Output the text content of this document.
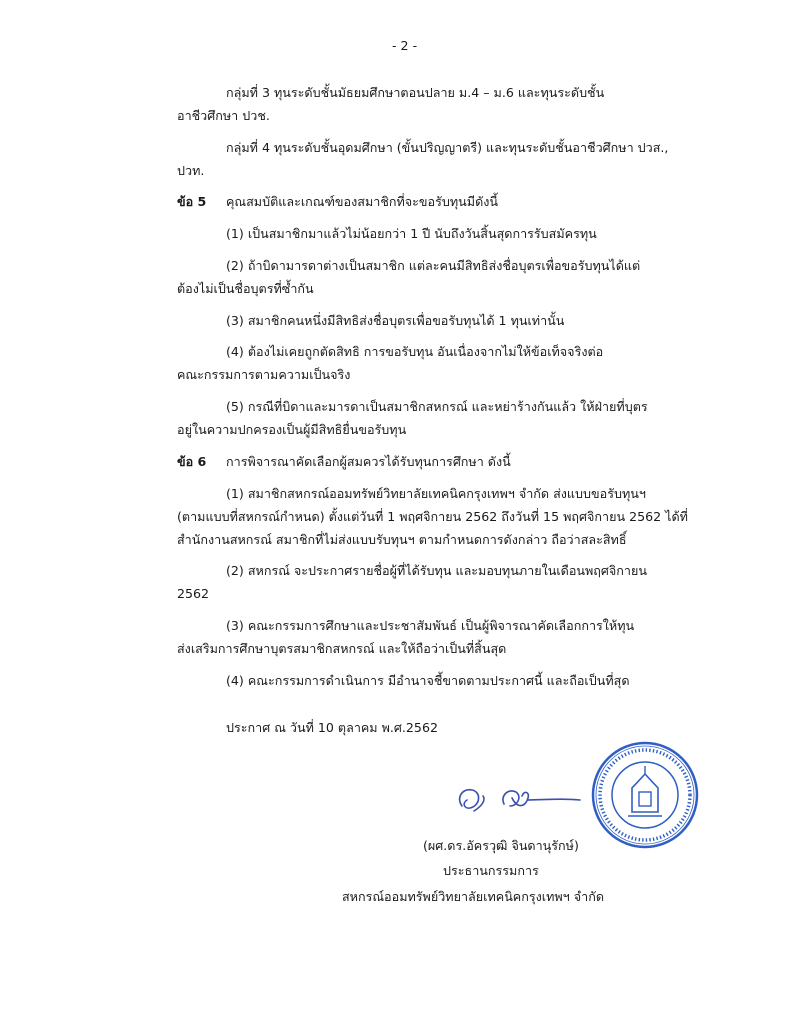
- 2 -
กลุ่มที่ 3 ทุนระดับชั้นมัธยมศึกษาตอนปลาย ม.4 – ม.6 และทุนระดับชั้น
อาชีวศึกษา ปวช.
กลุ่มที่ 4 ทุนระดับชั้นอุดมศึกษา (ขั้นปริญญาตรี) และทุนระดับชั้นอาชีวศึกษา ปวส.,
ปวท.
ข้อ 5 คุณสมบัติและเกณฑ์ของสมาชิกที่จะขอรับทุนมีดังนี้
(1) เป็นสมาชิกมาแล้วไม่น้อยกว่า 1 ปี นับถึงวันสิ้นสุดการรับสมัครทุน
(2) ถ้าบิดามารดาต่างเป็นสมาชิก แต่ละคนมีสิทธิส่งชื่อบุตรเพื่อขอรับทุนได้แต่
ต้องไม่เป็นชื่อบุตรที่ซ้ำกัน
(3) สมาชิกคนหนึ่งมีสิทธิส่งชื่อบุตรเพื่อขอรับทุนได้ 1 ทุนเท่านั้น
(4) ต้องไม่เคยถูกตัดสิทธิ การขอรับทุน อันเนื่องจากไม่ให้ข้อเท็จจริงต่อ
คณะกรรมการตามความเป็นจริง
(5) กรณีที่บิดาและมารดาเป็นสมาชิกสหกรณ์ และหย่าร้างกันแล้ว ให้ฝ่ายที่บุตร
อยู่ในความปกครองเป็นผู้มีสิทธิยื่นขอรับทุน
ข้อ 6 การพิจารณาคัดเลือกผู้สมควรได้รับทุนการศึกษา ดังนี้
(1) สมาชิกสหกรณ์ออมทรัพย์วิทยาลัยเทคนิคกรุงเทพฯ จำกัด ส่งแบบขอรับทุนฯ
(ตามแบบที่สหกรณ์กำหนด) ตั้งแต่วันที่ 1 พฤศจิกายน 2562 ถึงวันที่ 15 พฤศจิกายน 2562 ได้ที่
สำนักงานสหกรณ์ สมาชิกที่ไม่ส่งแบบรับทุนฯ ตามกำหนดการดังกล่าว ถือว่าสละสิทธิ์
(2) สหกรณ์ จะประกาศรายชื่อผู้ที่ได้รับทุน และมอบทุนภายในเดือนพฤศจิกายน
2562
(3) คณะกรรมการศึกษาและประชาสัมพันธ์ เป็นผู้พิจารณาคัดเลือกการให้ทุน
ส่งเสริมการศึกษาบุตรสมาชิกสหกรณ์ และให้ถือว่าเป็นที่สิ้นสุด
(4) คณะกรรมการดำเนินการ มีอำนาจชี้ขาดตามประกาศนี้ และถือเป็นที่สุด
ประกาศ ณ วันที่ 10 ตุลาคม พ.ศ.2562
(ผศ.ดร.อัครวุฒิ จินดานุรักษ์)
ประธานกรรมการ
สหกรณ์ออมทรัพย์วิทยาลัยเทคนิคกรุงเทพฯ จำกัด
